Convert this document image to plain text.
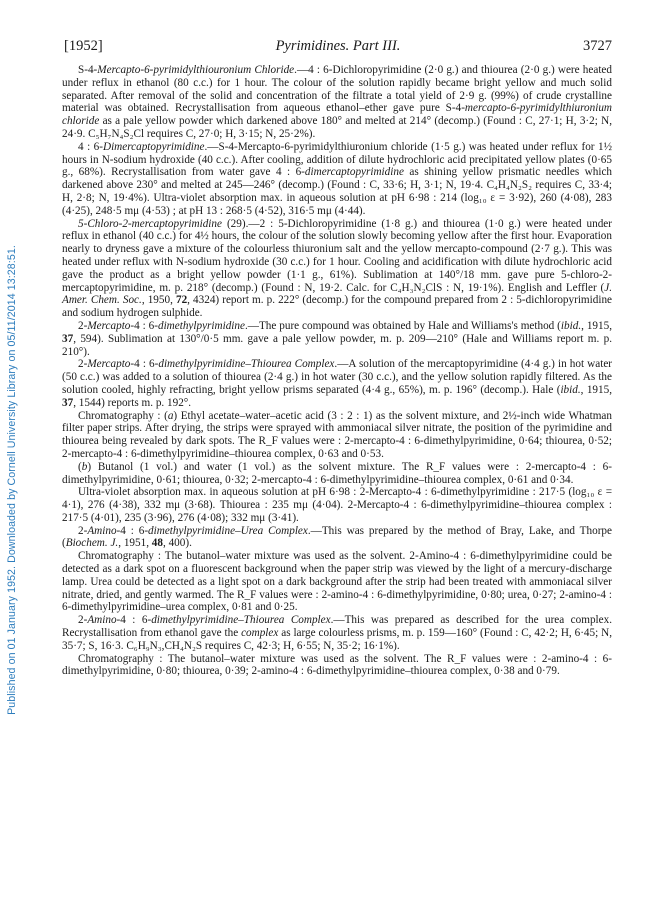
Published on 01 January 1952. Downloaded by Cornell University Library on 05/11/2014 13:28:51.
[1952]	Pyrimidines. Part III.	3727

S-4-Mercapto-6-pyrimidylthiouronium Chloride.—4 : 6-Dichloropyrimidine (2·0 g.) and thiourea (2·0 g.) were heated under reflux in ethanol (80 c.c.) for 1 hour. The colour of the solution rapidly became bright yellow and much solid separated. After removal of the solid and concentration of the filtrate a total yield of 2·9 g. (99%) of crude crystalline material was obtained. Recrystallisation from aqueous ethanol–ether gave pure S-4-mercapto-6-pyrimidylthiuronium chloride as a pale yellow powder which darkened above 180° and melted at 214° (decomp.) (Found : C, 27·1; H, 3·2; N, 24·9. C₅H₇N₄S₂Cl requires C, 27·0; H, 3·15; N, 25·2%).

4 : 6-Dimercaptopyrimidine.—S-4-Mercapto-6-pyrimidylthiuronium chloride (1·5 g.) was heated under reflux for 1½ hours in N-sodium hydroxide (40 c.c.). After cooling, addition of dilute hydrochloric acid precipitated yellow plates (0·65 g., 68%). Recrystallisation from water gave 4 : 6-dimercaptopyrimidine as shining yellow prismatic needles which darkened above 230° and melted at 245—246° (decomp.) (Found : C, 33·6; H, 3·1; N, 19·4. C₄H₄N₂S₂ requires C, 33·4; H, 2·8; N, 19·4%). Ultra-violet absorption max. in aqueous solution at pH 6·98 : 214 (log₁₀ ε = 3·92), 260 (4·08), 283 (4·25), 248·5 mμ (4·53) ; at pH 13 : 268·5 (4·52), 316·5 mμ (4·44).

5-Chloro-2-mercaptopyrimidine (29).—2 : 5-Dichloropyrimidine (1·8 g.) and thiourea (1·0 g.) were heated under reflux in ethanol (40 c.c.) for 4½ hours, the colour of the solution slowly becoming yellow after the first hour. Evaporation nearly to dryness gave a mixture of the colourless thiuronium salt and the yellow mercapto-compound (2·7 g.). This was heated under reflux with N-sodium hydroxide (30 c.c.) for 1 hour. Cooling and acidification with dilute hydrochloric acid gave the product as a bright yellow powder (1·1 g., 61%). Sublimation at 140°/18 mm. gave pure 5-chloro-2-mercaptopyrimidine, m. p. 218° (decomp.) (Found : N, 19·2. Calc. for C₄H₃N₂ClS : N, 19·1%). English and Leffler (J. Amer. Chem. Soc., 1950, 72, 4324) report m. p. 222° (decomp.) for the compound prepared from 2 : 5-dichloropyrimidine and sodium hydrogen sulphide.

2-Mercapto-4 : 6-dimethylpyrimidine.—The pure compound was obtained by Hale and Williams's method (ibid., 1915, 37, 594). Sublimation at 130°/0·5 mm. gave a pale yellow powder, m. p. 209—210° (Hale and Williams report m. p. 210°).

2-Mercapto-4 : 6-dimethylpyrimidine–Thiourea Complex.—A solution of the mercaptopyrimidine (4·4 g.) in hot water (50 c.c.) was added to a solution of thiourea (2·4 g.) in hot water (30 c.c.), and the yellow solution rapidly filtered. As the solution cooled, highly refracting, bright yellow prisms separated (4·4 g., 65%), m. p. 196° (decomp.). Hale (ibid., 1915, 37, 1544) reports m. p. 192°.

Chromatography : (a) Ethyl acetate–water–acetic acid (3 : 2 : 1) as the solvent mixture, and 2½-inch wide Whatman filter paper strips. After drying, the strips were sprayed with ammoniacal silver nitrate, the position of the pyrimidine and thiourea being revealed by dark spots. The R_F values were : 2-mercapto-4 : 6-dimethylpyrimidine, 0·64; thiourea, 0·52; 2-mercapto-4 : 6-dimethylpyrimidine–thiourea complex, 0·63 and 0·53.

(b) Butanol (1 vol.) and water (1 vol.) as the solvent mixture. The R_F values were : 2-mercapto-4 : 6-dimethylpyrimidine, 0·61; thiourea, 0·32; 2-mercapto-4 : 6-dimethylpyrimidine–thiourea complex, 0·61 and 0·34.

Ultra-violet absorption max. in aqueous solution at pH 6·98 : 2-Mercapto-4 : 6-dimethylpyrimidine : 217·5 (log₁₀ ε = 4·1), 276 (4·38), 332 mμ (3·68). Thiourea : 235 mμ (4·04). 2-Mercapto-4 : 6-dimethylpyrimidine–thiourea complex : 217·5 (4·01), 235 (3·96), 276 (4·08); 332 mμ (3·41).

2-Amino-4 : 6-dimethylpyrimidine–Urea Complex.—This was prepared by the method of Bray, Lake, and Thorpe (Biochem. J., 1951, 48, 400).

Chromatography : The butanol–water mixture was used as the solvent. 2-Amino-4 : 6-dimethylpyrimidine could be detected as a dark spot on a fluorescent background when the paper strip was viewed by the light of a mercury-discharge lamp. Urea could be detected as a light spot on a dark background after the strip had been treated with ammoniacal silver nitrate, dried, and gently warmed. The R_F values were : 2-amino-4 : 6-dimethylpyrimidine, 0·80; urea, 0·27; 2-amino-4 : 6-dimethylpyrimidine–urea complex, 0·81 and 0·25.

2-Amino-4 : 6-dimethylpyrimidine–Thiourea Complex.—This was prepared as described for the urea complex. Recrystallisation from ethanol gave the complex as large colourless prisms, m. p. 159—160° (Found : C, 42·2; H, 6·45; N, 35·7; S, 16·3. C₆H₉N₃,CH₄N₂S requires C, 42·3; H, 6·55; N, 35·2; 16·1%).

Chromatography : The butanol–water mixture was used as the solvent. The R_F values were : 2-amino-4 : 6-dimethylpyrimidine, 0·80; thiourea, 0·39; 2-amino-4 : 6-dimethylpyrimidine–thiourea complex, 0·38 and 0·79.
